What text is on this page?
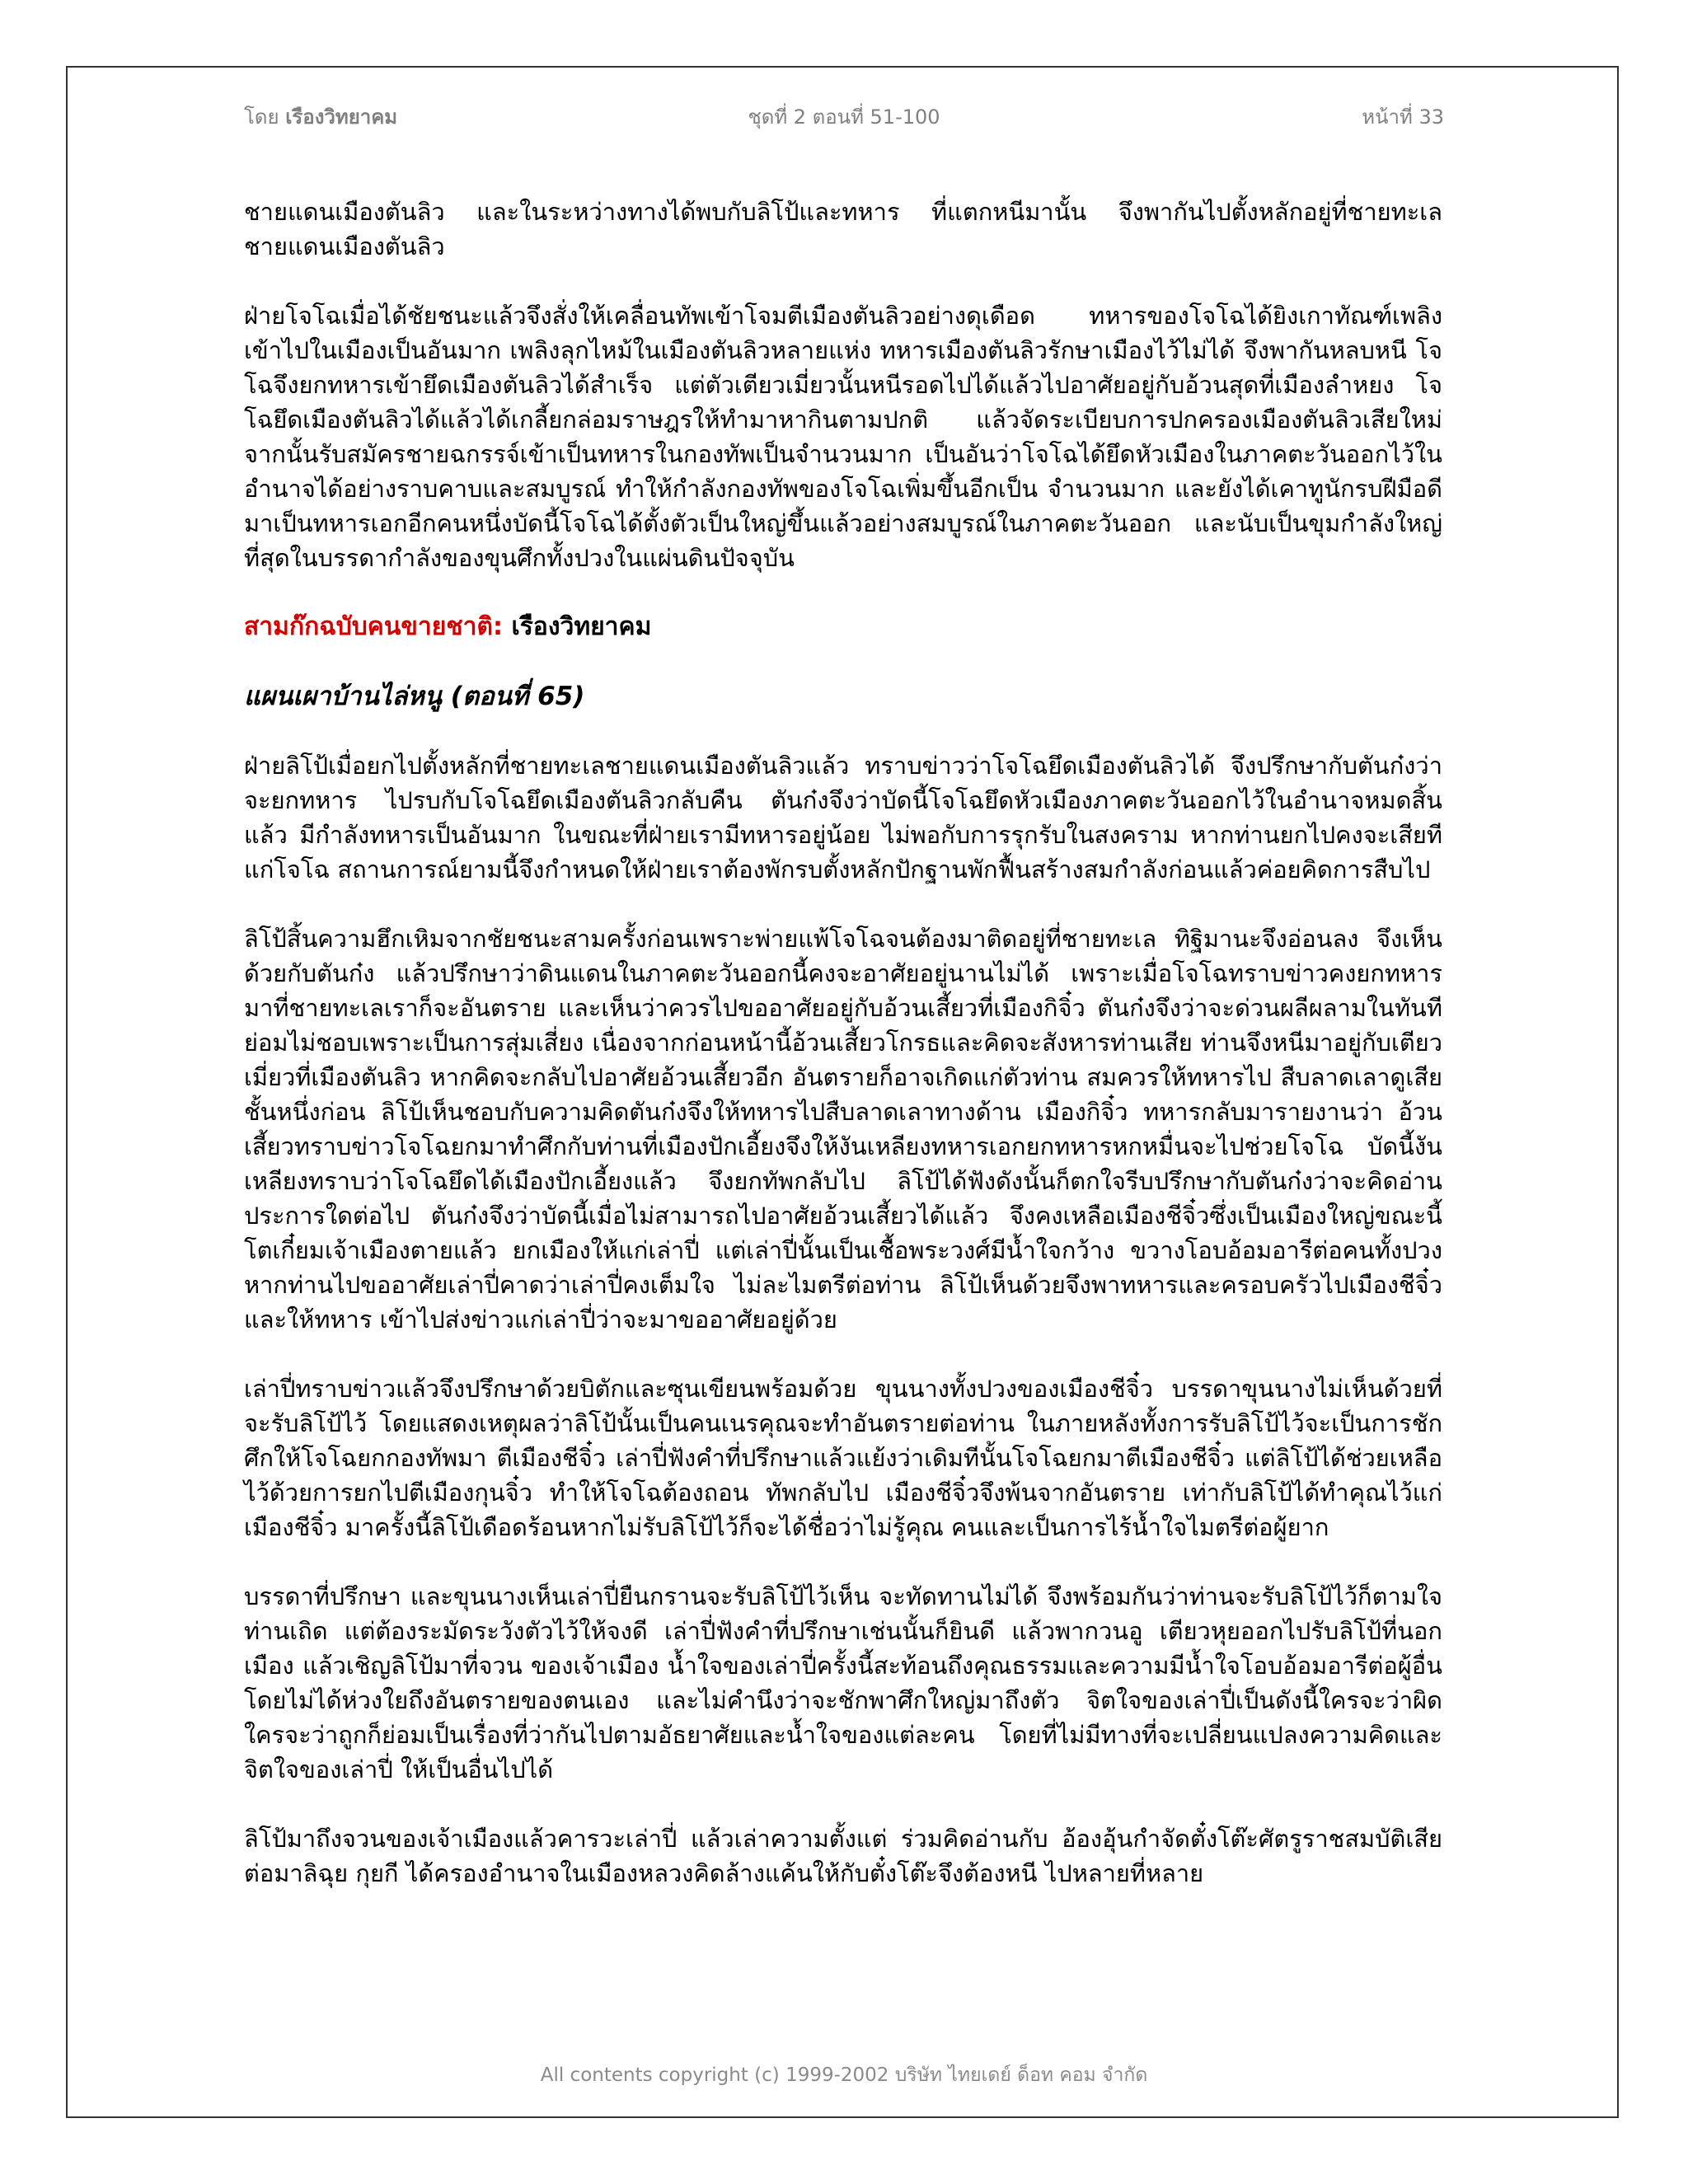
โดย เรืองวิทยาคม	ชุดที่ 2 ตอนที่ 51-100	หน้าที่ 33

ชายแดนเมืองตันลิว และในระหว่างทางได้พบกับลิโป้และทหาร ที่แตกหนีมานั้น จึงพากันไปตั้งหลักอยู่ที่ชายทะเลชายแดนเมืองตันลิว

ฝ่ายโจโฉเมื่อได้ชัยชนะแล้วจึงสั่งให้เคลื่อนทัพเข้าโจมตีเมืองตันลิวอย่างดุเดือด ทหารของโจโฉได้ยิงเกาทัณฑ์เพลิงเข้าไปในเมืองเป็นอันมาก เพลิงลุกไหม้ในเมืองตันลิวหลายแห่ง ทหารเมืองตันลิวรักษาเมืองไว้ไม่ได้ จึงพากันหลบหนี โจโฉจึงยกทหารเข้ายึดเมืองตันลิวได้สำเร็จ แต่ตัวเตียวเมี่ยวนั้นหนีรอดไปได้แล้วไปอาศัยอยู่กับอ้วนสุดที่เมืองลำหยง โจโฉยึดเมืองตันลิวได้แล้วได้เกลี้ยกล่อมราษฎรให้ทำมาหากินตามปกติ แล้วจัดระเบียบการปกครองเมืองตันลิวเสียใหม่ จากนั้นรับสมัครชายฉกรรจ์เข้าเป็นทหารในกองทัพเป็นจำนวนมาก เป็นอันว่าโจโฉได้ยึดหัวเมืองในภาคตะวันออกไว้ในอำนาจได้อย่างราบคาบและสมบูรณ์ ทำให้กำลังกองทัพของโจโฉเพิ่มขึ้นอีกเป็น จำนวนมาก และยังได้เคาทูนักรบฝีมือดีมาเป็นทหารเอกอีกคนหนึ่งบัดนี้โจโฉได้ตั้งตัวเป็นใหญ่ขึ้นแล้วอย่างสมบูรณ์ในภาคตะวันออก และนับเป็นขุมกำลังใหญ่ที่สุดในบรรดากำลังของขุนศึกทั้งปวงในแผ่นดินปัจจุบัน

สามก๊กฉบับคนขายชาติ: เรืองวิทยาคม
แผนเผาบ้านไล่หนู (ตอนที่ 65)

ฝ่ายลิโป้เมื่อยกไปตั้งหลักที่ชายทะเลชายแดนเมืองตันลิวแล้ว ทราบข่าวว่าโจโฉยึดเมืองตันลิวได้ จึงปรึกษากับตันก๋งว่าจะยกทหาร ไปรบกับโจโฉยึดเมืองตันลิวกลับคืน ตันก๋งจึงว่าบัดนี้โจโฉยึดหัวเมืองภาคตะวันออกไว้ในอำนาจหมดสิ้นแล้ว มีกำลังทหารเป็นอันมาก ในขณะที่ฝ่ายเรามีทหารอยู่น้อย ไม่พอกับการรุกรับในสงคราม หากท่านยกไปคงจะเสียทีแก่โจโฉ สถานการณ์ยามนี้จึงกำหนดให้ฝ่ายเราต้องพักรบตั้งหลักปักฐานพักฟื้นสร้างสมกำลังก่อนแล้วค่อยคิดการสืบไป

ลิโป้สิ้นความฮึกเหิมจากชัยชนะสามครั้งก่อนเพราะพ่ายแพ้โจโฉจนต้องมาติดอยู่ที่ชายทะเล ทิฐิมานะจึงอ่อนลง จึงเห็นด้วยกับตันก๋ง แล้วปรึกษาว่าดินแดนในภาคตะวันออกนี้คงจะอาศัยอยู่นานไม่ได้ เพราะเมื่อโจโฉทราบข่าวคงยกทหารมาที่ชายทะเลเราก็จะอันตราย และเห็นว่าควรไปขออาศัยอยู่กับอ้วนเสี้ยวที่เมืองกิจิ๋ว ตันก๋งจึงว่าจะด่วนผลีผลามในทันทีย่อมไม่ชอบเพราะเป็นการสุ่มเสี่ยง เนื่องจากก่อนหน้านี้อ้วนเสี้ยวโกรธและคิดจะสังหารท่านเสีย ท่านจึงหนีมาอยู่กับเตียวเมี่ยวที่เมืองตันลิว หากคิดจะกลับไปอาศัยอ้วนเสี้ยวอีก อันตรายก็อาจเกิดแก่ตัวท่าน สมควรให้ทหารไป สืบลาดเลาดูเสียชั้นหนึ่งก่อน ลิโป้เห็นชอบกับความคิดตันก๋งจึงให้ทหารไปสืบลาดเลาทางด้าน เมืองกิจิ๋ว ทหารกลับมารายงานว่า อ้วนเสี้ยวทราบข่าวโจโฉยกมาทำศึกกับท่านที่เมืองปักเอี้ยงจึงให้งันเหลียงทหารเอกยกทหารหกหมื่นจะไปช่วยโจโฉ บัดนี้งันเหลียงทราบว่าโจโฉยึดได้เมืองปักเอี้ยงแล้ว จึงยกทัพกลับไป ลิโป้ได้ฟังดังนั้นก็ตกใจรีบปรึกษากับตันก๋งว่าจะคิดอ่านประการใดต่อไป ตันก๋งจึงว่าบัดนี้เมื่อไม่สามารถไปอาศัยอ้วนเสี้ยวได้แล้ว จึงคงเหลือเมืองชีจิ๋วซึ่งเป็นเมืองใหญ่ขณะนี้โตเกี๋ยมเจ้าเมืองตายแล้ว ยกเมืองให้แก่เล่าปี่ แต่เล่าปี่นั้นเป็นเชื้อพระวงศ์มีน้ำใจกว้าง ขวางโอบอ้อมอารีต่อคนทั้งปวง หากท่านไปขออาศัยเล่าปี่คาดว่าเล่าปี่คงเต็มใจ ไม่ละไมตรีต่อท่าน ลิโป้เห็นด้วยจึงพาทหารและครอบครัวไปเมืองชีจิ๋ว และให้ทหาร เข้าไปส่งข่าวแก่เล่าปี่ว่าจะมาขออาศัยอยู่ด้วย

เล่าปี่ทราบข่าวแล้วจึงปรึกษาด้วยบิตักและซุนเขียนพร้อมด้วย ขุนนางทั้งปวงของเมืองชีจิ๋ว บรรดาขุนนางไม่เห็นด้วยที่จะรับลิโป้ไว้ โดยแสดงเหตุผลว่าลิโป้นั้นเป็นคนเนรคุณจะทำอันตรายต่อท่าน ในภายหลังทั้งการรับลิโป้ไว้จะเป็นการชักศึกให้โจโฉยกกองทัพมา ตีเมืองชีจิ๋ว เล่าปี่ฟังคำที่ปรึกษาแล้วแย้งว่าเดิมทีนั้นโจโฉยกมาตีเมืองชีจิ๋ว แต่ลิโป้ได้ช่วยเหลือไว้ด้วยการยกไปตีเมืองกุนจิ๋ว ทำให้โจโฉต้องถอน ทัพกลับไป เมืองชีจิ๋วจึงพ้นจากอันตราย เท่ากับลิโป้ได้ทำคุณไว้แก่เมืองชีจิ๋ว มาครั้งนี้ลิโป้เดือดร้อนหากไม่รับลิโป้ไว้ก็จะได้ชื่อว่าไม่รู้คุณ คนและเป็นการไร้น้ำใจไมตรีต่อผู้ยาก

บรรดาที่ปรึกษา และขุนนางเห็นเล่าปี่ยืนกรานจะรับลิโป้ไว้เห็น จะทัดทานไม่ได้ จึงพร้อมกันว่าท่านจะรับลิโป้ไว้ก็ตามใจท่านเถิด แต่ต้องระมัดระวังตัวไว้ให้จงดี เล่าปี่ฟังคำที่ปรึกษาเช่นนั้นก็ยินดี แล้วพากวนอู เตียวหุยออกไปรับลิโป้ที่นอกเมือง แล้วเชิญลิโป้มาที่จวน ของเจ้าเมือง น้ำใจของเล่าปี่ครั้งนี้สะท้อนถึงคุณธรรมและความมีน้ำใจโอบอ้อมอารีต่อผู้อื่นโดยไม่ได้ห่วงใยถึงอันตรายของตนเอง และไม่คำนึงว่าจะชักพาศึกใหญ่มาถึงตัว จิตใจของเล่าปี่เป็นดังนี้ใครจะว่าผิด ใครจะว่าถูกก็ย่อมเป็นเรื่องที่ว่ากันไปตามอัธยาศัยและน้ำใจของแต่ละคน โดยที่ไม่มีทางที่จะเปลี่ยนแปลงความคิดและจิตใจของเล่าปี่ ให้เป็นอื่นไปได้

ลิโป้มาถึงจวนของเจ้าเมืองแล้วคารวะเล่าปี่ แล้วเล่าความตั้งแต่ ร่วมคิดอ่านกับ อ้องอุ้นกำจัดตั๋งโต๊ะศัตรูราชสมบัติเสีย ต่อมาลิฉุย กุยกี ได้ครองอำนาจในเมืองหลวงคิดล้างแค้นให้กับตั๋งโต๊ะจึงต้องหนี ไปหลายที่หลาย

All contents copyright (c) 1999-2002 บริษัท ไทยเดย์ ด็อท คอม จำกัด
